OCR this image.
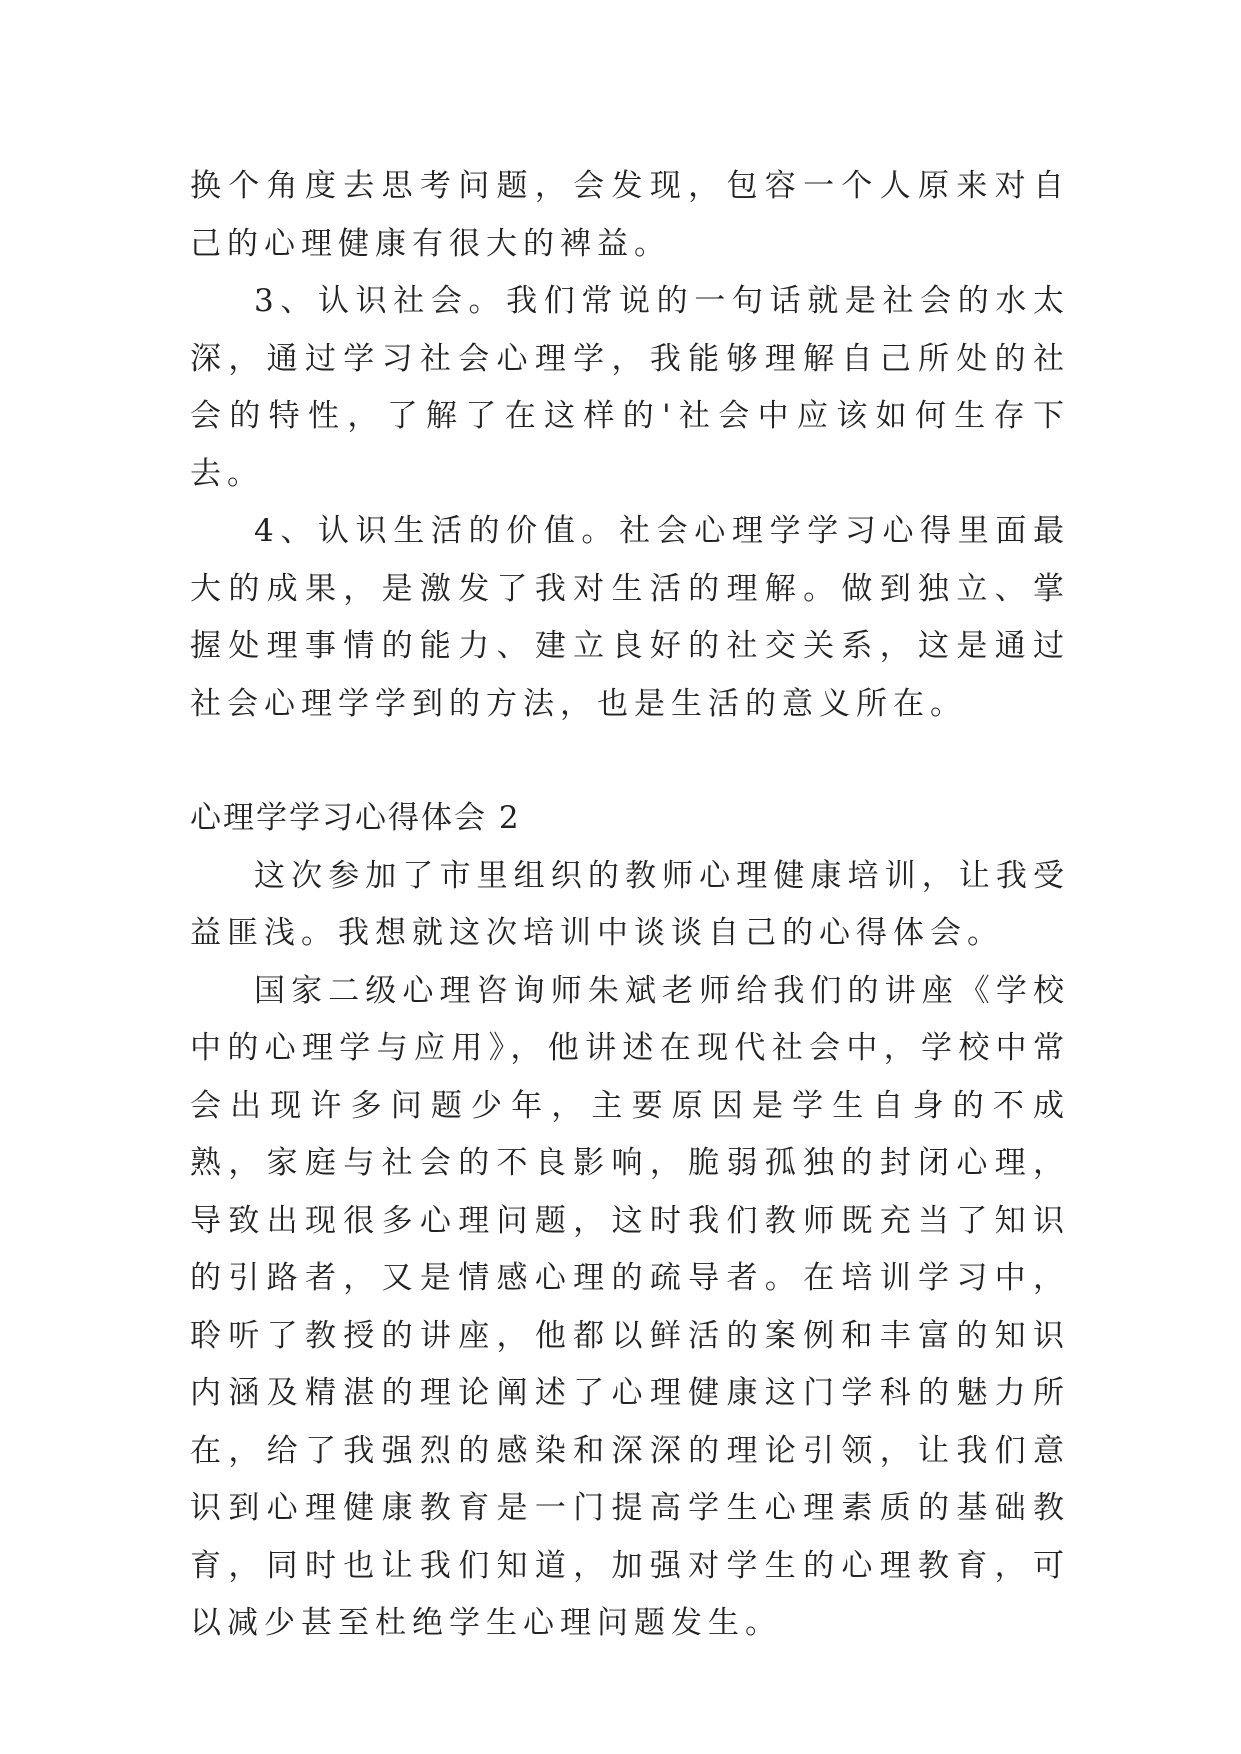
换个角度去思考问题，会发现，包容一个人原来对自己的心理健康有很大的裨益。

3、认识社会。我们常说的一句话就是社会的水太深，通过学习社会心理学，我能够理解自己所处的社会的特性，了解了在这样的'社会中应该如何生存下去。

4、认识生活的价值。社会心理学学习心得里面最大的成果，是激发了我对生活的理解。做到独立、掌握处理事情的能力、建立良好的社交关系，这是通过社会心理学学到的方法，也是生活的意义所在。

心理学学习心得体会 2

这次参加了市里组织的教师心理健康培训，让我受益匪浅。我想就这次培训中谈谈自己的心得体会。

国家二级心理咨询师朱斌老师给我们的讲座《学校中的心理学与应用》，他讲述在现代社会中，学校中常会出现许多问题少年，主要原因是学生自身的不成熟，家庭与社会的不良影响，脆弱孤独的封闭心理，导致出现很多心理问题，这时我们教师既充当了知识的引路者，又是情感心理的疏导者。在培训学习中，聆听了教授的讲座，他都以鲜活的案例和丰富的知识内涵及精湛的理论阐述了心理健康这门学科的魅力所在，给了我强烈的感染和深深的理论引领，让我们意识到心理健康教育是一门提高学生心理素质的基础教育，同时也让我们知道，加强对学生的心理教育，可以减少甚至杜绝学生心理问题发生。
